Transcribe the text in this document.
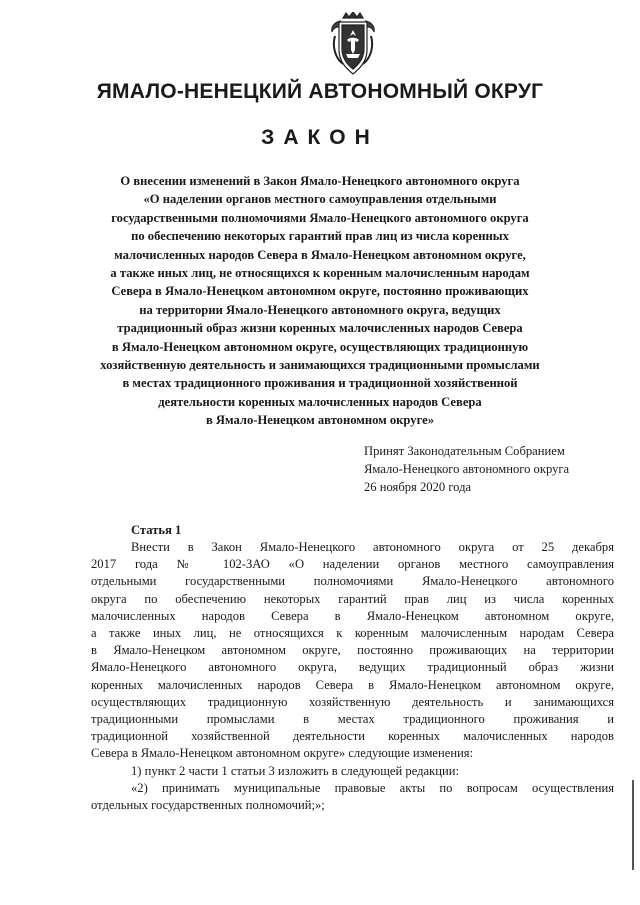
ЯМАЛО-НЕНЕЦКИЙ АВТОНОМНЫЙ ОКРУГ
ЗАКОН
О внесении изменений в Закон Ямало-Ненецкого автономного округа
«О наделении органов местного самоуправления отдельными
государственными полномочиями Ямало-Ненецкого автономного округа
по обеспечению некоторых гарантий прав лиц из числа коренных
малочисленных народов Севера в Ямало-Ненецком автономном округе,
а также иных лиц, не относящихся к коренным малочисленным народам
Севера в Ямало-Ненецком автономном округе, постоянно проживающих
на территории Ямало-Ненецкого автономного округа, ведущих
традиционный образ жизни коренных малочисленных народов Севера
в Ямало-Ненецком автономном округе, осуществляющих традиционную
хозяйственную деятельность и занимающихся традиционными промыслами
в местах традиционного проживания и традиционной хозяйственной
деятельности коренных малочисленных народов Севера
в Ямало-Ненецком автономном округе»
Принят Законодательным Собранием
Ямало-Ненецкого автономного округа
26 ноября 2020 года
Статья 1
Внести в Закон Ямало-Ненецкого автономного округа от 25 декабря
2017 года № 102-ЗАО «О наделении органов местного самоуправления
отдельными государственными полномочиями Ямало-Ненецкого автономного
округа по обеспечению некоторых гарантий прав лиц из числа коренных
малочисленных народов Севера в Ямало-Ненецком автономном округе,
а также иных лиц, не относящихся к коренным малочисленным народам Севера
в Ямало-Ненецком автономном округе, постоянно проживающих на территории
Ямало-Ненецкого автономного округа, ведущих традиционный образ жизни
коренных малочисленных народов Севера в Ямало-Ненецком автономном округе,
осуществляющих традиционную хозяйственную деятельность и занимающихся
традиционными промыслами в местах традиционного проживания и
традиционной хозяйственной деятельности коренных малочисленных народов
Севера в Ямало-Ненецком автономном округе» следующие изменения:
1) пункт 2 части 1 статьи 3 изложить в следующей редакции:
«2) принимать муниципальные правовые акты по вопросам осуществления
отдельных государственных полномочий;»;
